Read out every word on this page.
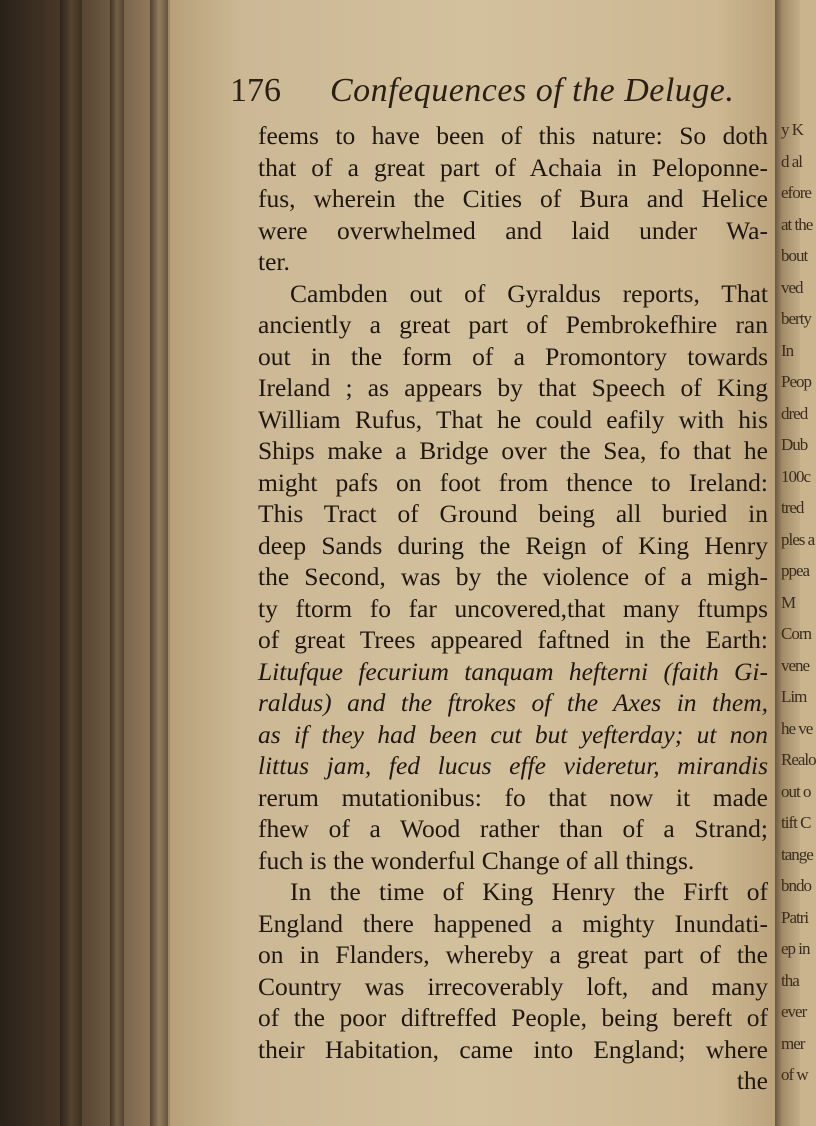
y K
d al
efore
at the
bout
ved
berty
In
Peop
dred
Dub
100c
tred
ples a
ppea
M
Corn
vene
Lim
he ve
Realo
out o
tift C
tange
bndo
Patri
ep in
tha
ever
mer
of w
176 Confequences of the Deluge.
feems to have been of this nature: So doth
that of a great part of Achaia in Peloponne-
fus, wherein the Cities of Bura and Helice
were overwhelmed and laid under Wa-
ter.
Cambden out of Gyraldus reports, That
anciently a great part of Pembrokefhire ran
out in the form of a Promontory towards
Ireland ; as appears by that Speech of King
William Rufus, That he could eafily with his
Ships make a Bridge over the Sea, fo that he
might pafs on foot from thence to Ireland:
This Tract of Ground being all buried in
deep Sands during the Reign of King Henry
the Second, was by the violence of a migh-
ty ftorm fo far uncovered,that many ftumps
of great Trees appeared faftned in the Earth:
Litufque fecurium tanquam hefterni (faith Gi-
raldus) and the ftrokes of the Axes in them,
as if they had been cut but yefterday; ut non
littus jam, fed lucus effe videretur, mirandis
rerum mutationibus: fo that now it made
fhew of a Wood rather than of a Strand;
fuch is the wonderful Change of all things.
In the time of King Henry the Firft of
England there happened a mighty Inundati-
on in Flanders, whereby a great part of the
Country was irrecoverably loft, and many
of the poor diftreffed People, being bereft of
their Habitation, came into England; where
the
